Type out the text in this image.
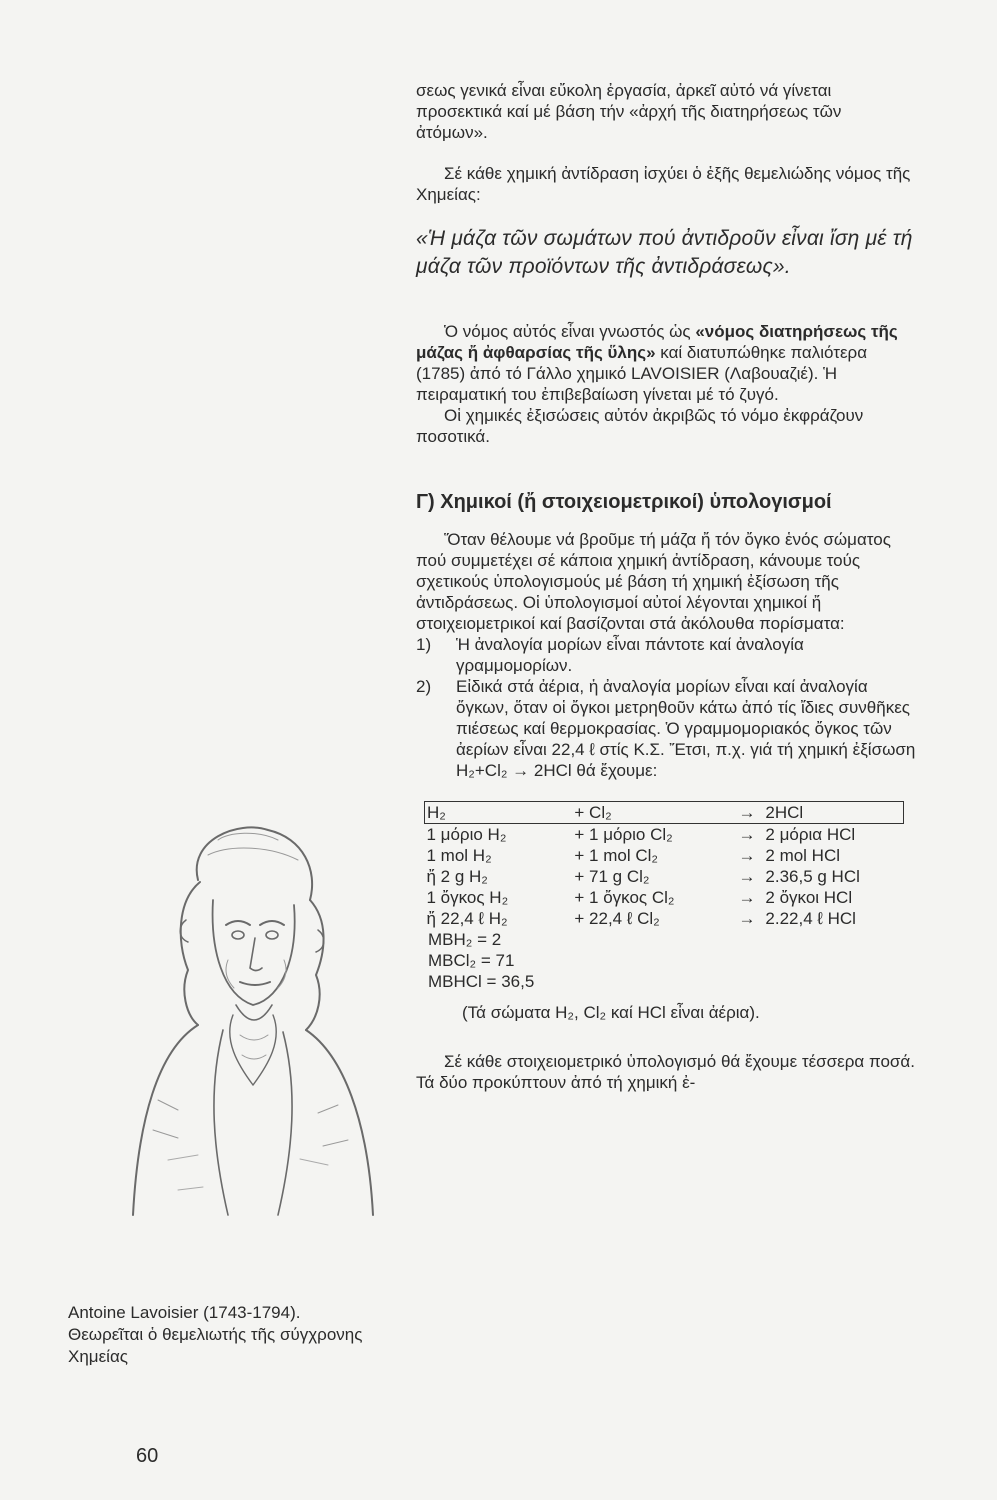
σεως γενικά εἶναι εὔκολη ἐργασία, ἀρκεῖ αὐτό νά γίνεται προσεκτικά καί μέ βάση τήν «ἀρχή τῆς διατηρήσεως τῶν ἀτόμων».

Σέ κάθε χημική ἀντίδραση ἰσχύει ὁ ἑξῆς θεμελιώδης νόμος τῆς Χημείας:

«Ἡ μάζα τῶν σωμάτων πού ἀντιδροῦν εἶναι ἴση μέ τή μάζα τῶν προϊόντων τῆς ἀντιδράσεως».

Ὁ νόμος αὐτός εἶναι γνωστός ὡς «νόμος διατηρήσεως τῆς μάζας ἤ ἀφθαρσίας τῆς ὕλης» καί διατυπώθηκε παλιότερα (1785) ἀπό τό Γάλλο χημικό LAVOISIER (Λαβουαζιέ). Ἡ πειραματική του ἐπιβεβαίωση γίνεται μέ τό ζυγό.

Οἱ χημικές ἐξισώσεις αὐτόν ἀκριβῶς τό νόμο ἐκφράζουν ποσοτικά.

Γ) Χημικοί (ἤ στοιχειομετρικοί) ὑπολογισμοί

Ὅταν θέλουμε νά βροῦμε τή μάζα ἤ τόν ὄγκο ἑνός σώματος πού συμμετέχει σέ κάποια χημική ἀντίδραση, κάνουμε τούς σχετικούς ὑπολογισμούς μέ βάση τή χημική ἐξίσωση τῆς ἀντιδράσεως. Οἱ ὑπολογισμοί αὐτοί λέγονται χημικοί ἤ στοιχειομετρικοί καί βασίζονται στά ἀκόλουθα πορίσματα:

1) Ἡ ἀναλογία μορίων εἶναι πάντοτε καί ἀναλογία γραμμομορίων.
2) Εἰδικά στά ἀέρια, ἡ ἀναλογία μορίων εἶναι καί ἀναλογία ὄγκων, ὅταν οἱ ὄγκοι μετρηθοῦν κάτω ἀπό τίς ἴδιες συνθῆκες πιέσεως καί θερμοκρασίας. Ὁ γραμμομοριακός ὄγκος τῶν ἀερίων εἶναι 22,4 ℓ στίς Κ.Σ. Ἔτσι, π.χ. γιά τή χημική ἐξίσωση H₂+Cl₂ → 2HCl θά ἔχουμε:
H₂	+ Cl₂	→	2HCl
1 μόριο H₂	+ 1 μόριο Cl₂	→	2 μόρια HCl
1 mol H₂	+ 1 mol Cl₂	→	2 mol HCl
ἤ 2 g H₂	+ 71 g Cl₂	→	2.36,5 g HCl
1 ὄγκος H₂	+ 1 ὄγκος Cl₂	→	2 ὄγκοι HCl
ἤ 22,4 ℓ H₂	+ 22,4 ℓ Cl₂	→	2.22,4 ℓ HCl
MBH₂ = 2
MBCl₂ = 71
MBHCl = 36,5

(Τά σώματα H₂, Cl₂ καί HCl εἶναι ἀέρια).

Σέ κάθε στοιχειομετρικό ὑπολογισμό θά ἔχουμε τέσσερα ποσά. Τά δύο προκύπτουν ἀπό τή χημική ἐ-

Antoine Lavoisier (1743-1794).
Θεωρεῖται ὁ θεμελιωτής τῆς σύγχρονης Χημείας
60
